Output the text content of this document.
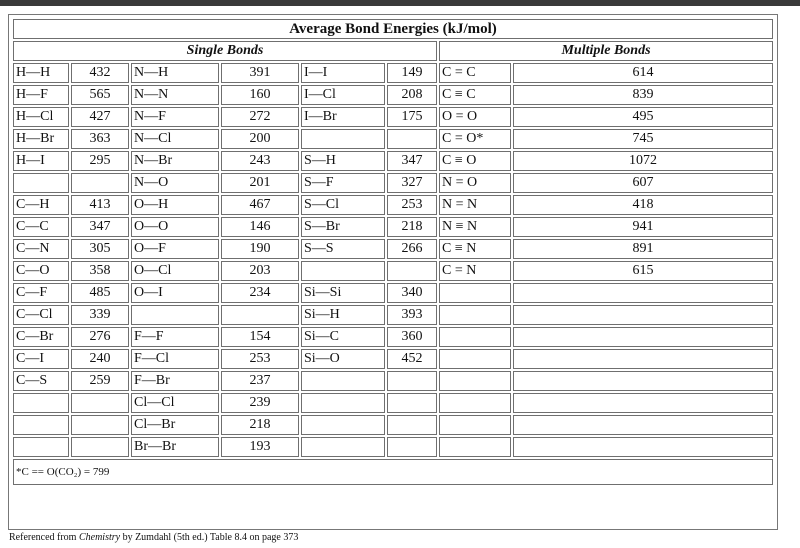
Average Bond Energies (kJ/mol)							
Single Bonds						Multiple Bonds	
H—H	432	N—H	391	I—I	149	C = C	614
H—F	565	N—N	160	I—Cl	208	C ≡ C	839
H—Cl	427	N—F	272	I—Br	175	O = O	495
H—Br	363	N—Cl	200			C = O*	745
H—I	295	N—Br	243	S—H	347	C ≡ O	1072
		N—O	201	S—F	327	N = O	607
C—H	413	O—H	467	S—Cl	253	N = N	418
C—C	347	O—O	146	S—Br	218	N ≡ N	941
C—N	305	O—F	190	S—S	266	C ≡ N	891
C—O	358	O—Cl	203			C = N	615
C—F	485	O—I	234	Si—Si	340		
C—Cl	339			Si—H	393		
C—Br	276	F—F	154	Si—C	360		
C—I	240	F—Cl	253	Si—O	452		
C—S	259	F—Br	237				
		Cl—Cl	239				
		Cl—Br	218				
		Br—Br	193				
*C == O(CO₂) = 799							
Referenced from Chemistry by Zumdahl (5th ed.) Table 8.4 on page 373
